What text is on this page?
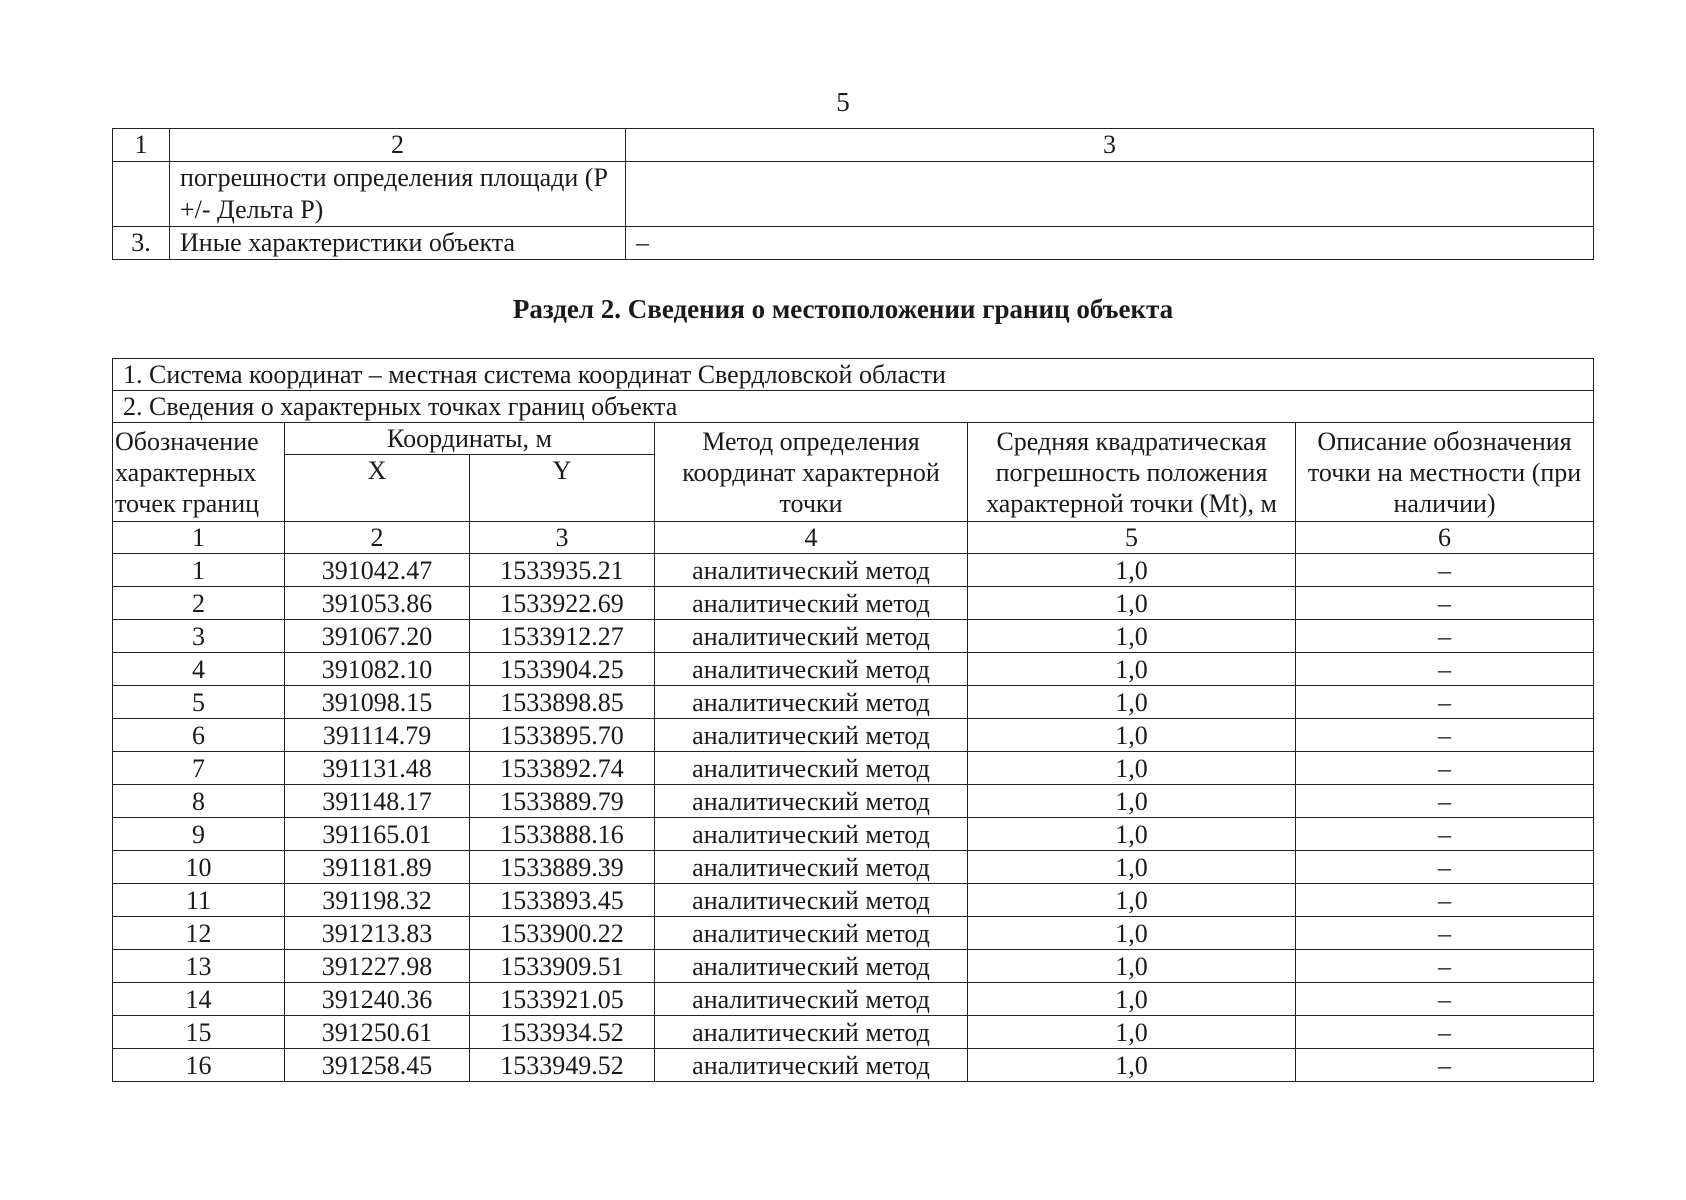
5
1	2	3
	погрешности определения площади (Р +/- Дельта Р)	
3.	Иные характеристики объекта	–
Раздел 2. Сведения о местоположении границ объекта
1. Система координат – местная система координат Свердловской области					
2. Сведения о характерных точках границ объекта					
Обозначение характерных точек границ	Координаты, м		Метод определения координат характерной точки	Средняя квадратическая погрешность положения характерной точки (Mt), м	Описание обозначения точки на местности (при наличии)
	X	Y			
1	2	3	4	5	6
1	391042.47	1533935.21	аналитический метод	1,0	–
2	391053.86	1533922.69	аналитический метод	1,0	–
3	391067.20	1533912.27	аналитический метод	1,0	–
4	391082.10	1533904.25	аналитический метод	1,0	–
5	391098.15	1533898.85	аналитический метод	1,0	–
6	391114.79	1533895.70	аналитический метод	1,0	–
7	391131.48	1533892.74	аналитический метод	1,0	–
8	391148.17	1533889.79	аналитический метод	1,0	–
9	391165.01	1533888.16	аналитический метод	1,0	–
10	391181.89	1533889.39	аналитический метод	1,0	–
11	391198.32	1533893.45	аналитический метод	1,0	–
12	391213.83	1533900.22	аналитический метод	1,0	–
13	391227.98	1533909.51	аналитический метод	1,0	–
14	391240.36	1533921.05	аналитический метод	1,0	–
15	391250.61	1533934.52	аналитический метод	1,0	–
16	391258.45	1533949.52	аналитический метод	1,0	–
